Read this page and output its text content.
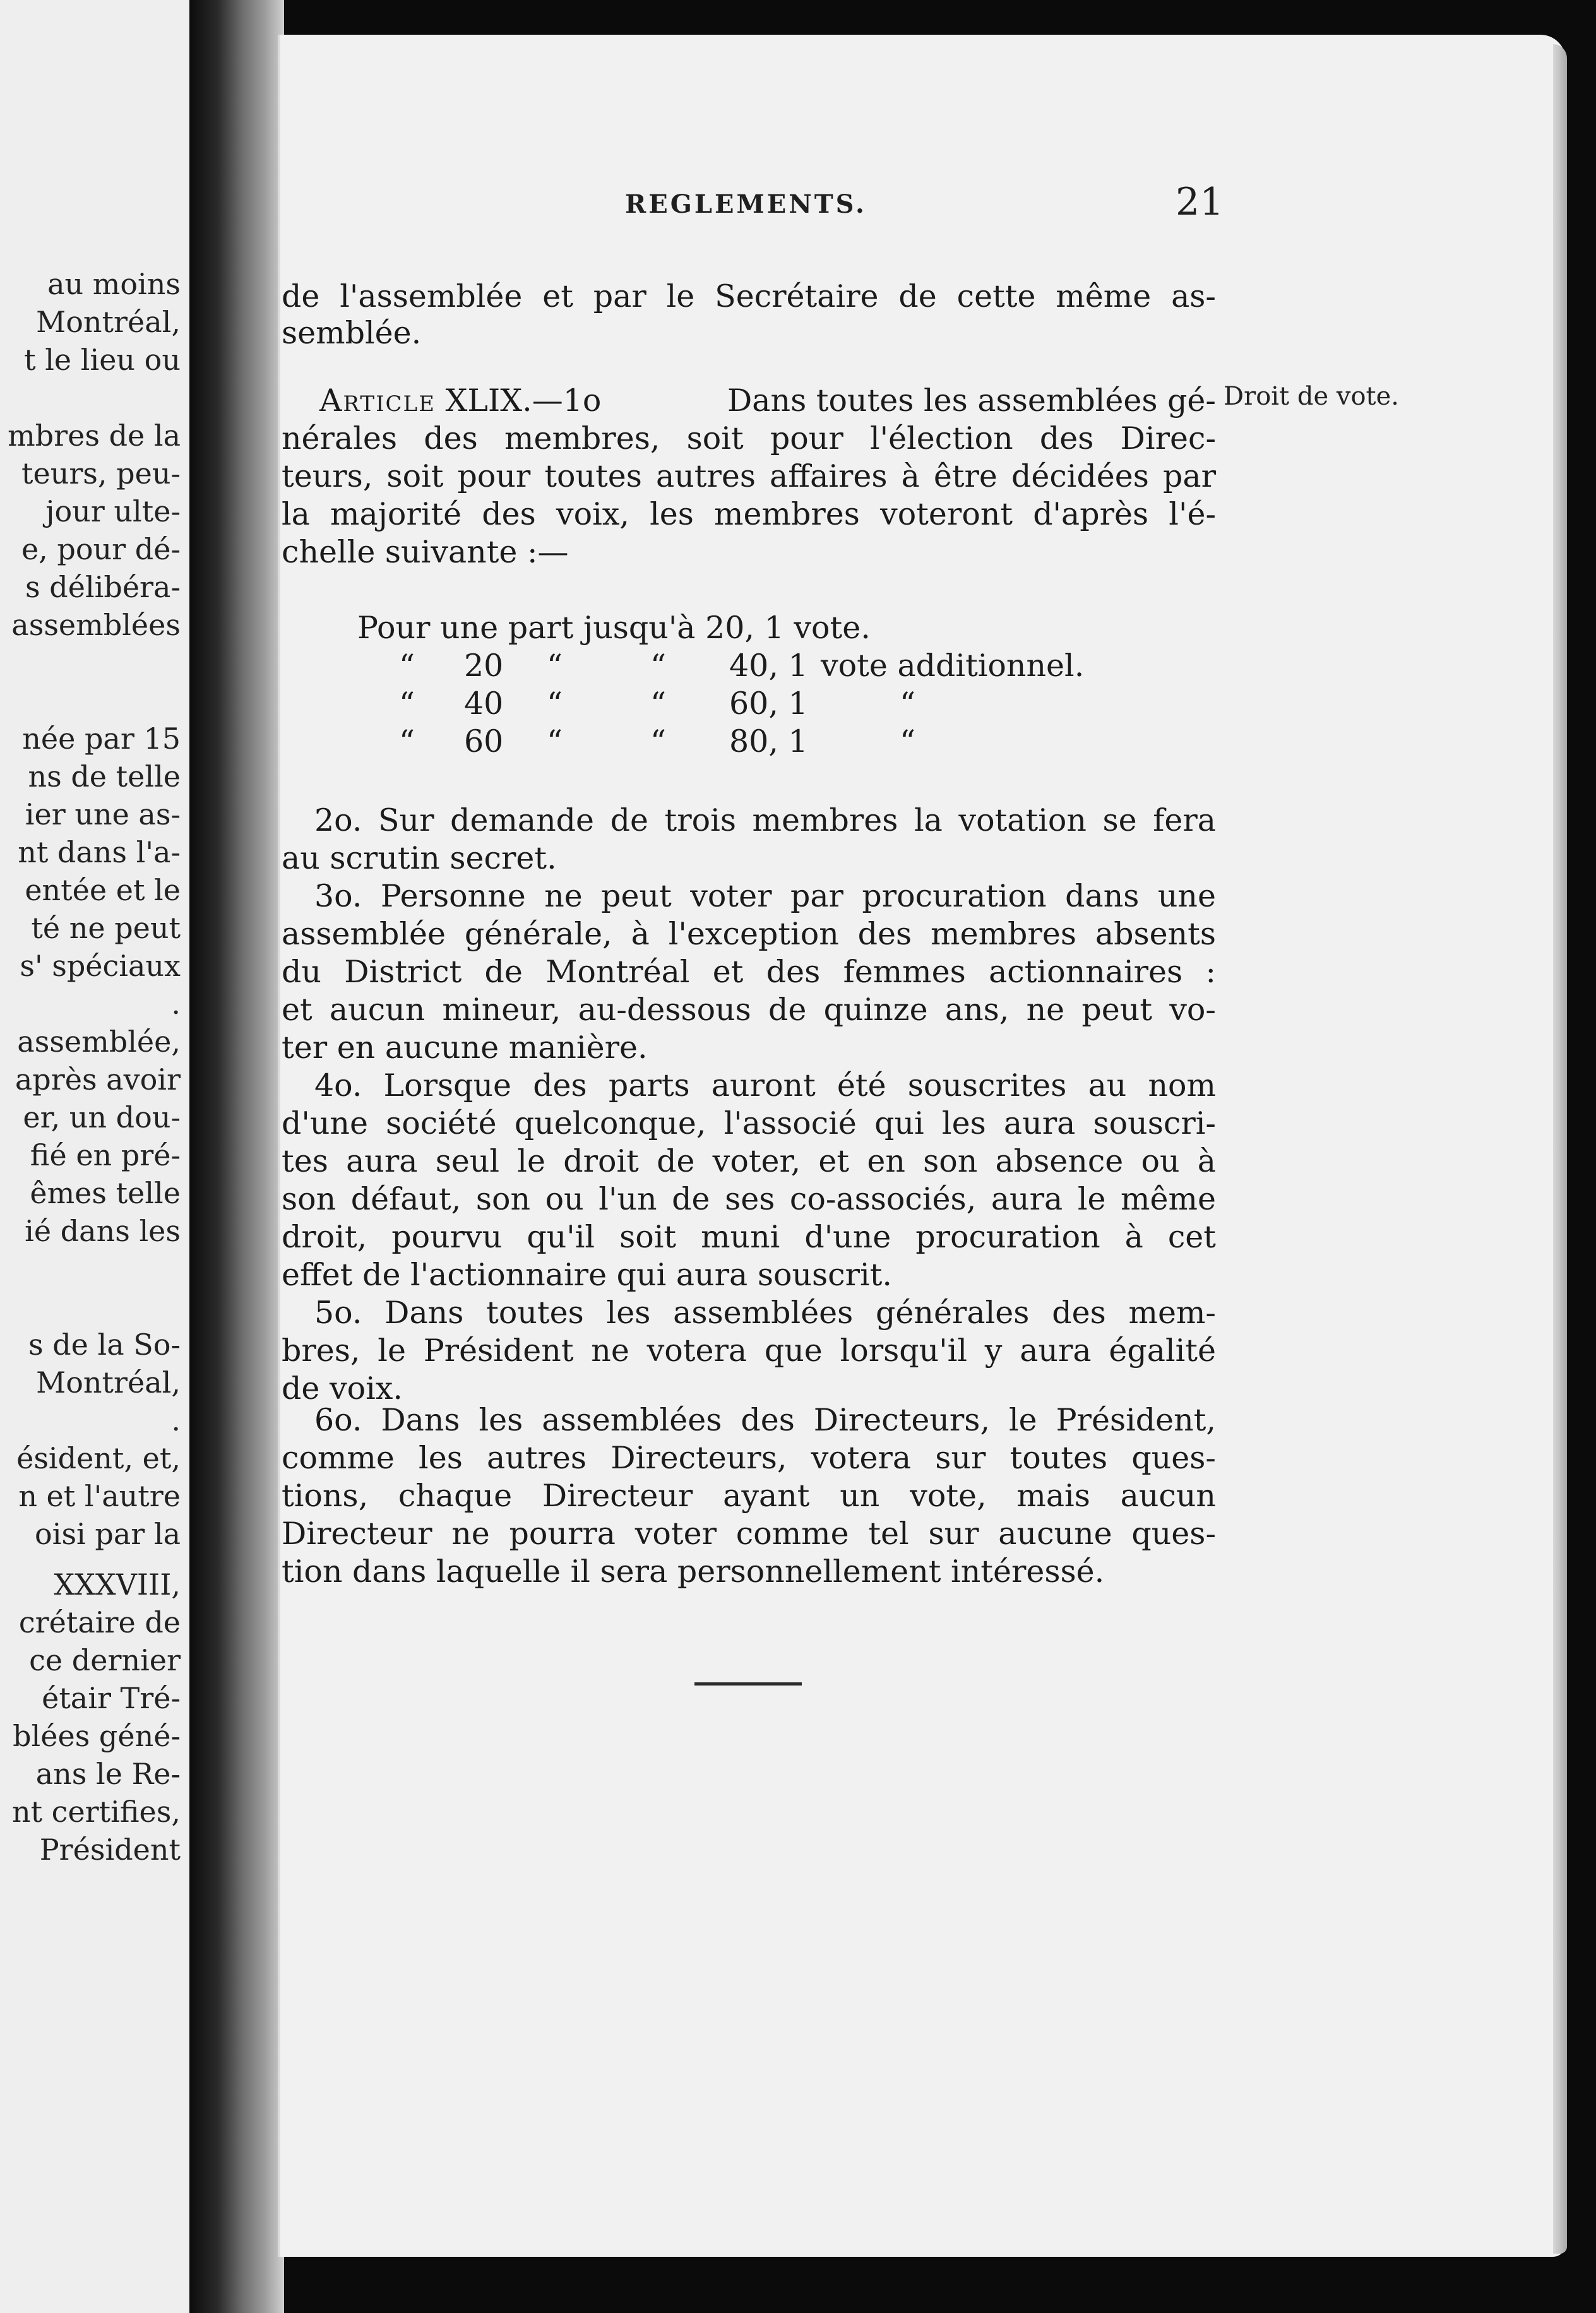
au moins
Montréal,
t le lieu ou
mbres de la
teurs, peu-
jour ulte-
e, pour dé-
s délibéra-
assemblées
née par 15
ns de telle
ier une as-
nt dans l'a-
entée et le
té ne peut
s' spéciaux
.
assemblée,
après avoir
er, un dou-
fié en pré-
êmes telle
ié dans les
s de la So-
Montréal,
.
ésident, et,
n et l'autre
oisi par la
XXXVIII,
crétaire de
ce dernier
étair Tré-
blées géné-
ans le Re-
nt certifies,
Président
REGLEMENTS.	21
Droit de vote.
de l'assemblée et par le Secrétaire de cette même as-
semblée.
Article XLIX.—1o	Dans toutes les assemblées gé-
nérales des membres, soit pour l'élection des Direc-
teurs, soit pour toutes autres affaires à être décidées par
la majorité des voix, les membres voteront d'après l'é-
chelle suivante :—
Pour une part jusqu'à 20, 1 vote.
“ 20 “	“ 40, 1 vote additionnel.
“ 40 “	“ 60, 1	“
“ 60 “	“ 80, 1	“
2o. Sur demande de trois membres la votation se fera
au scrutin secret.
3o. Personne ne peut voter par procuration dans une
assemblée générale, à l'exception des membres absents
du District de Montréal et des femmes actionnaires :
et aucun mineur, au-dessous de quinze ans, ne peut vo-
ter en aucune manière.
4o. Lorsque des parts auront été souscrites au nom
d'une société quelconque, l'associé qui les aura souscri-
tes aura seul le droit de voter, et en son absence ou à
son défaut, son ou l'un de ses co-associés, aura le même
droit, pourvu qu'il soit muni d'une procuration à cet
effet de l'actionnaire qui aura souscrit.
5o. Dans toutes les assemblées générales des mem-
bres, le Président ne votera que lorsqu'il y aura égalité
de voix.
6o. Dans les assemblées des Directeurs, le Président,
comme les autres Directeurs, votera sur toutes ques-
tions, chaque Directeur ayant un vote, mais aucun
Directeur ne pourra voter comme tel sur aucune ques-
tion dans laquelle il sera personnellement intéressé.
